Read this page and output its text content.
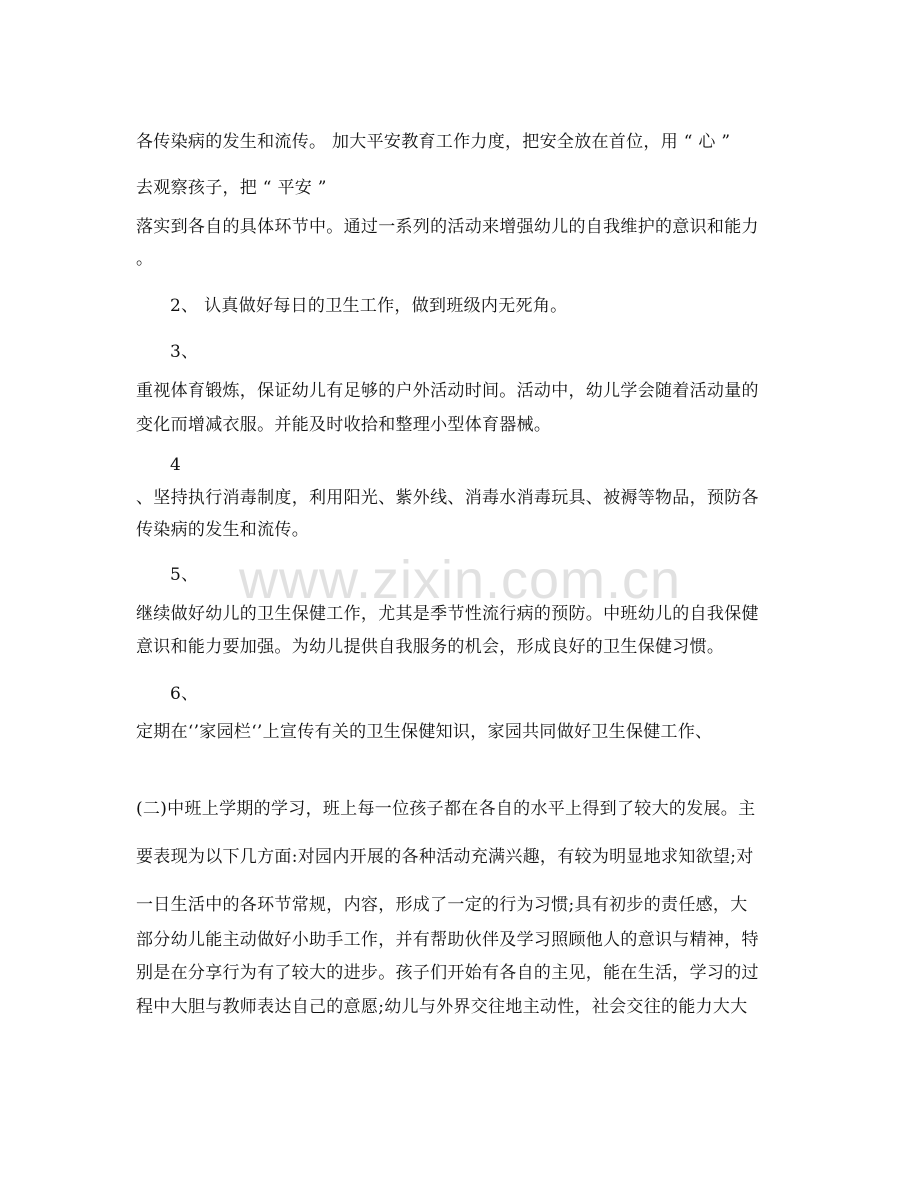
各传染病的发生和流传。 加大平安教育工作力度，把安全放在首位，用 “ 心 ”
去观察孩子，把 “ 平安 ”
落实到各自的具体环节中。通过一系列的活动来增强幼儿的自我维护的意识和能力
。
2、 认真做好每日的卫生工作，做到班级内无死角。
3、
重视体育锻炼，保证幼儿有足够的户外活动时间。活动中，幼儿学会随着活动量的
变化而增减衣服。并能及时收拾和整理小型体育器械。
4
、坚持执行消毒制度，利用阳光、紫外线、消毒水消毒玩具、被褥等物品，预防各
传染病的发生和流传。
5、
继续做好幼儿的卫生保健工作，尤其是季节性流行病的预防。中班幼儿的自我保健
意识和能力要加强。为幼儿提供自我服务的机会，形成良好的卫生保健习惯。
6、
定期在‘’家园栏‘’上宣传有关的卫生保健知识，家园共同做好卫生保健工作、
(二)中班上学期的学习，班上每一位孩子都在各自的水平上得到了较大的发展。主
要表现为以下几方面:对园内开展的各种活动充满兴趣，有较为明显地求知欲望;对
一日生活中的各环节常规，内容，形成了一定的行为习惯;具有初步的责任感，大
部分幼儿能主动做好小助手工作，并有帮助伙伴及学习照顾他人的意识与精神，特
别是在分享行为有了较大的进步。孩子们开始有各自的主见，能在生活，学习的过
程中大胆与教师表达自己的意愿;幼儿与外界交往地主动性，社会交往的能力大大
www.zixin.com.cn
